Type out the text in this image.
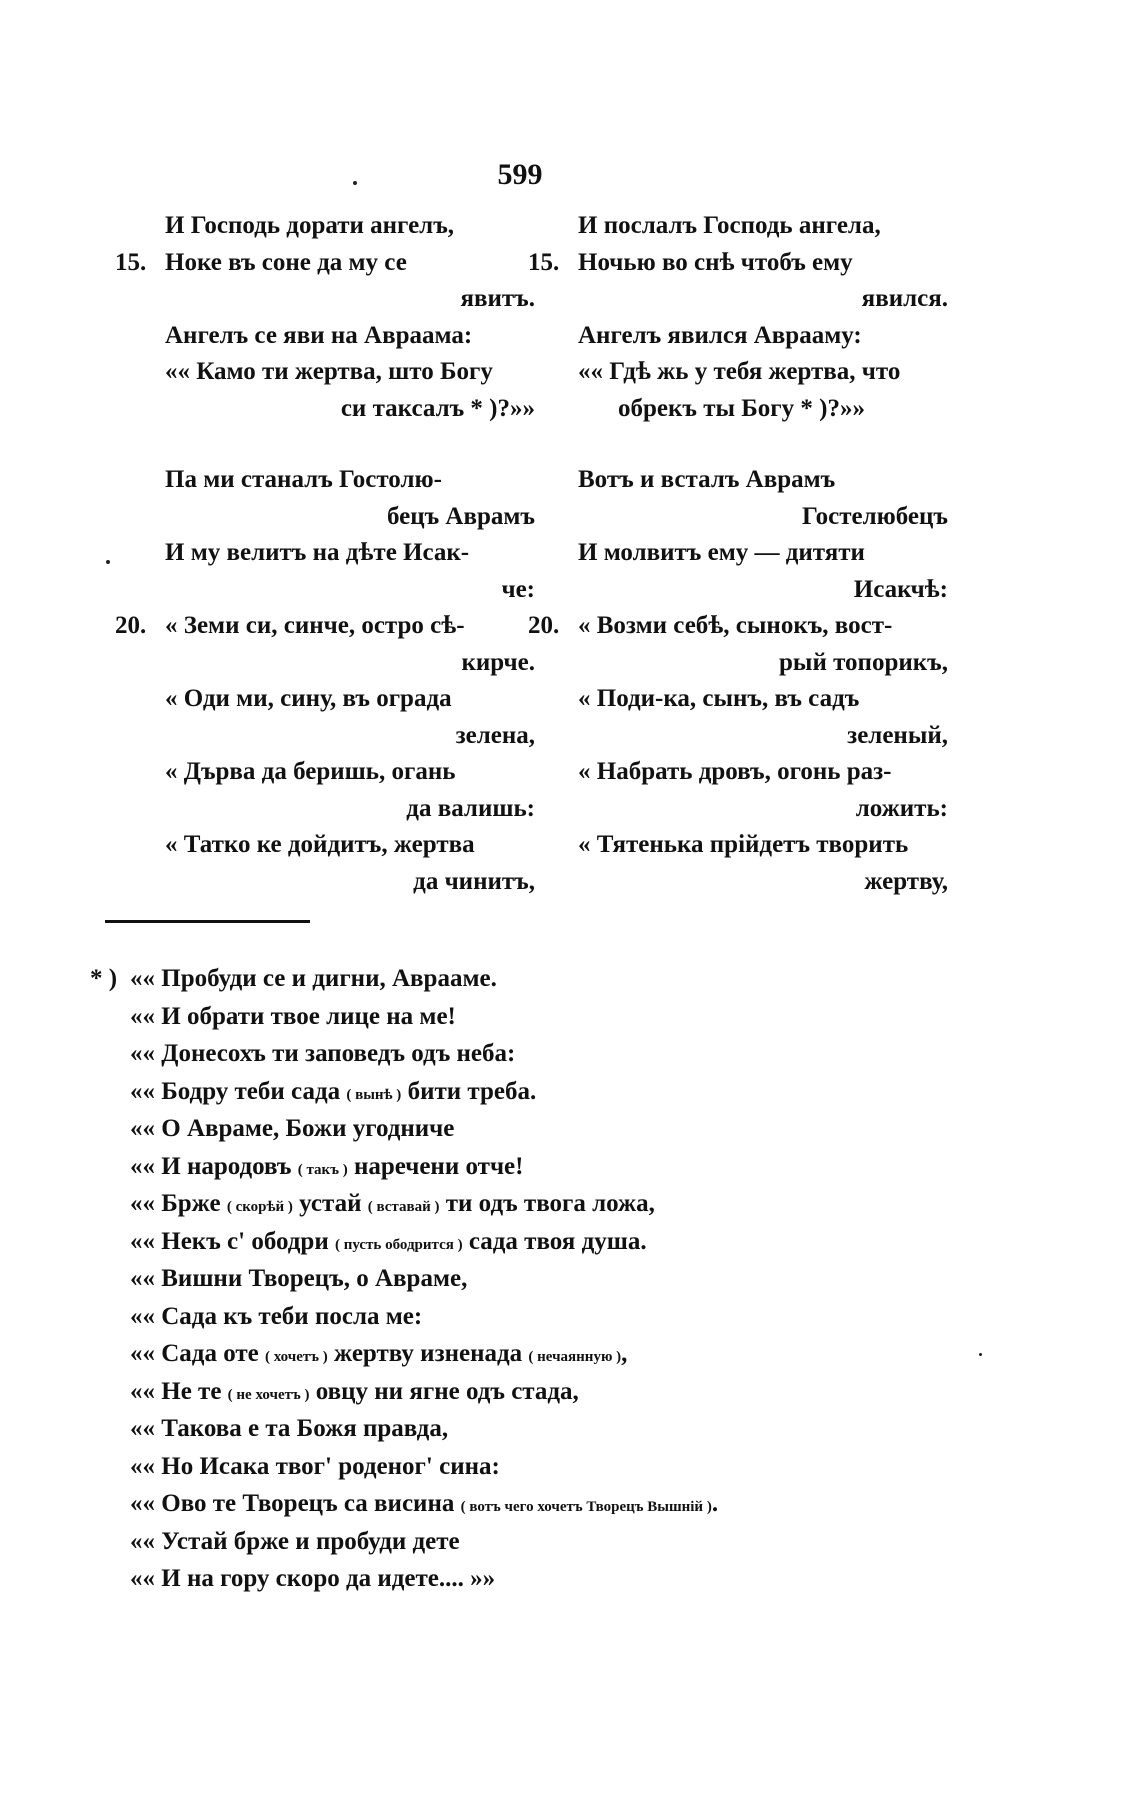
599
И Господь дорати ангелъ,
15. Ноке въ соне да му се
явитъ.
Ангелъ се яви на Авраама:
«« Камо ти жертва, што Богу
си таксалъ * )?»»
Па ми станалъ Гостолю-
бецъ Аврамъ
И му велитъ на дѣте Исак-
че:
20. « Земи си, синче, остро сѣ-
кирче.
« Оди ми, сину, въ ограда
зелена,
« Дърва да беришь, огань
да валишь:
« Татко ке дойдитъ, жертва
да чинитъ,
И послалъ Господь ангела,
15. Ночью во снѣ чтобъ ему
явился.
Ангелъ явился Аврааму:
«« Гдѣ жь у тебя жертва, что
обрекъ ты Богу * )?»»
Вотъ и всталъ Аврамъ
Гостелюбецъ
И молвитъ ему — дитяти
Исакчѣ:
20. « Возми себѣ, сынокъ, вост-
рый топорикъ,
« Поди-ка, сынъ, въ садъ
зеленый,
« Набрать дровъ, огонь раз-
ложить:
« Тятенька прійдетъ творить
жертву,
* ) «« Пробуди се и дигни, Авраамe.
«« И обрати твое лице на ме!
«« Донесохъ ти заповедъ одъ неба:
«« Бодру теби сада ( вынѣ ) бити треба.
«« О Авраме, Божи угодниче
«« И народовъ ( такъ ) наречени отче!
«« Брже ( скорѣй ) устай ( вставай ) ти одъ твога ложа,
«« Некъ с' ободри ( пусть ободрится ) сада твоя душа.
«« Вишни Творецъ, о Авраме,
«« Сада къ теби посла ме:
«« Сада оте ( хочетъ ) жертву изненада ( нечаянную ),
«« Не те ( не хочетъ ) овцу ни ягне одъ стада,
«« Такова е та Божя правда,
«« Но Исака твог' роденог' сина:
«« Ово те Творецъ са висина ( вотъ чего хочетъ Творецъ Вышній ).
«« Устай брже и пробуди дете
«« И на гору скоро да идете.... »»
